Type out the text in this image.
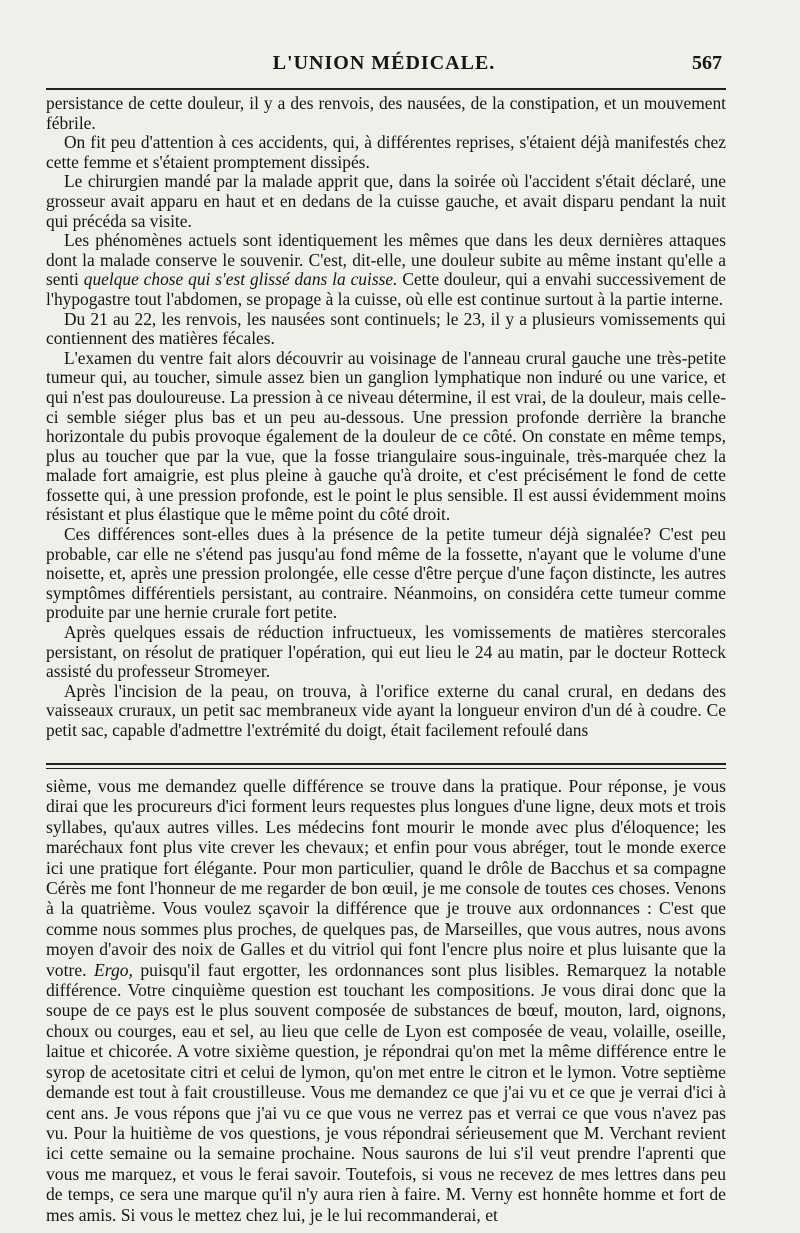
L'UNION MÉDICALE.	567

persistance de cette douleur, il y a des renvois, des nausées, de la constipation, et un mouvement fébrile.

On fit peu d'attention à ces accidents, qui, à différentes reprises, s'étaient déjà manifestés chez cette femme et s'étaient promptement dissipés.

Le chirurgien mandé par la malade apprit que, dans la soirée où l'accident s'était déclaré, une grosseur avait apparu en haut et en dedans de la cuisse gauche, et avait disparu pendant la nuit qui précéda sa visite.

Les phénomènes actuels sont identiquement les mêmes que dans les deux dernières attaques dont la malade conserve le souvenir. C'est, dit-elle, une douleur subite au même instant qu'elle a senti quelque chose qui s'est glissé dans la cuisse. Cette douleur, qui a envahi successivement de l'hypogastre tout l'abdomen, se propage à la cuisse, où elle est continue surtout à la partie interne.

Du 21 au 22, les renvois, les nausées sont continuels; le 23, il y a plusieurs vomissements qui contiennent des matières fécales.

L'examen du ventre fait alors découvrir au voisinage de l'anneau crural gauche une très-petite tumeur qui, au toucher, simule assez bien un ganglion lymphatique non induré ou une varice, et qui n'est pas douloureuse. La pression à ce niveau détermine, il est vrai, de la douleur, mais celle-ci semble siéger plus bas et un peu au-dessous. Une pression profonde derrière la branche horizontale du pubis provoque également de la douleur de ce côté. On constate en même temps, plus au toucher que par la vue, que la fosse triangulaire sous-inguinale, très-marquée chez la malade fort amaigrie, est plus pleine à gauche qu'à droite, et c'est précisément le fond de cette fossette qui, à une pression profonde, est le point le plus sensible. Il est aussi évidemment moins résistant et plus élastique que le même point du côté droit.

Ces différences sont-elles dues à la présence de la petite tumeur déjà signalée? C'est peu probable, car elle ne s'étend pas jusqu'au fond même de la fossette, n'ayant que le volume d'une noisette, et, après une pression prolongée, elle cesse d'être perçue d'une façon distincte, les autres symptômes différentiels persistant, au contraire. Néanmoins, on considéra cette tumeur comme produite par une hernie crurale fort petite.

Après quelques essais de réduction infructueux, les vomissements de matières stercorales persistant, on résolut de pratiquer l'opération, qui eut lieu le 24 au matin, par le docteur Rotteck assisté du professeur Stromeyer.

Après l'incision de la peau, on trouva, à l'orifice externe du canal crural, en dedans des vaisseaux cruraux, un petit sac membraneux vide ayant la longueur environ d'un dé à coudre. Ce petit sac, capable d'admettre l'extrémité du doigt, était facilement refoulé dans

sième, vous me demandez quelle différence se trouve dans la pratique. Pour réponse, je vous dirai que les procureurs d'ici forment leurs requestes plus longues d'une ligne, deux mots et trois syllabes, qu'aux autres villes. Les médecins font mourir le monde avec plus d'éloquence; les maréchaux font plus vite crever les chevaux; et enfin pour vous abréger, tout le monde exerce ici une pratique fort élégante. Pour mon particulier, quand le drôle de Bacchus et sa compagne Cérès me font l'honneur de me regarder de bon œuil, je me console de toutes ces choses. Venons à la quatrième. Vous voulez sçavoir la différence que je trouve aux ordonnances : C'est que comme nous sommes plus proches, de quelques pas, de Marseilles, que vous autres, nous avons moyen d'avoir des noix de Galles et du vitriol qui font l'encre plus noire et plus luisante que la votre. Ergo, puisqu'il faut ergotter, les ordonnances sont plus lisibles. Remarquez la notable différence. Votre cinquième question est touchant les compositions. Je vous dirai donc que la soupe de ce pays est le plus souvent composée de substances de bœuf, mouton, lard, oignons, choux ou courges, eau et sel, au lieu que celle de Lyon est composée de veau, volaille, oseille, laitue et chicorée. A votre sixième question, je répondrai qu'on met la même différence entre le syrop de acetositate citri et celui de lymon, qu'on met entre le citron et le lymon. Votre septième demande est tout à fait croustilleuse. Vous me demandez ce que j'ai vu et ce que je verrai d'ici à cent ans. Je vous répons que j'ai vu ce que vous ne verrez pas et verrai ce que vous n'avez pas vu. Pour la huitième de vos questions, je vous répondrai sérieusement que M. Verchant revient ici cette semaine ou la semaine prochaine. Nous saurons de lui s'il veut prendre l'aprenti que vous me marquez, et vous le ferai savoir. Toutefois, si vous ne recevez de mes lettres dans peu de temps, ce sera une marque qu'il n'y aura rien à faire. M. Verny est honnête homme et fort de mes amis. Si vous le mettez chez lui, je le lui recommanderai, et
